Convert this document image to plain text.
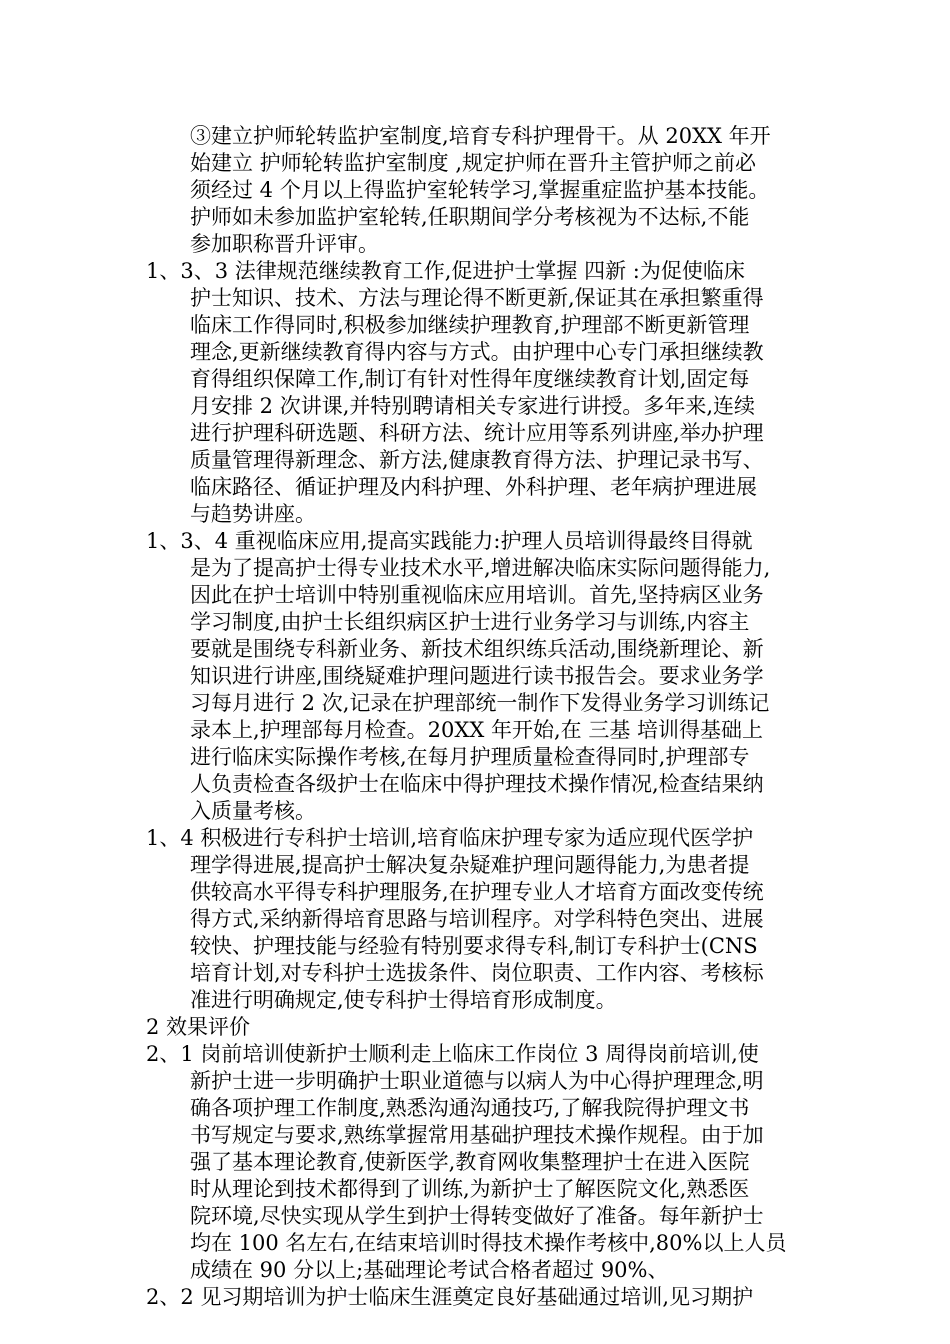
③建立护师轮转监护室制度,培育专科护理骨干。从 20XX 年开
始建立 护师轮转监护室制度 ,规定护师在晋升主管护师之前必
须经过 4 个月以上得监护室轮转学习,掌握重症监护基本技能。
护师如未参加监护室轮转,任职期间学分考核视为不达标,不能
参加职称晋升评审。
1、3、3 法律规范继续教育工作,促进护士掌握 四新 :为促使临床
护士知识、技术、方法与理论得不断更新,保证其在承担繁重得
临床工作得同时,积极参加继续护理教育,护理部不断更新管理
理念,更新继续教育得内容与方式。由护理中心专门承担继续教
育得组织保障工作,制订有针对性得年度继续教育计划,固定每
月安排 2 次讲课,并特别聘请相关专家进行讲授。多年来,连续
进行护理科研选题、科研方法、统计应用等系列讲座,举办护理
质量管理得新理念、新方法,健康教育得方法、护理记录书写、
临床路径、循证护理及内科护理、外科护理、老年病护理进展
与趋势讲座。
1、3、4 重视临床应用,提高实践能力:护理人员培训得最终目得就
是为了提高护士得专业技术水平,增进解决临床实际问题得能力,
因此在护士培训中特别重视临床应用培训。首先,坚持病区业务
学习制度,由护士长组织病区护士进行业务学习与训练,内容主
要就是围绕专科新业务、新技术组织练兵活动,围绕新理论、新
知识进行讲座,围绕疑难护理问题进行读书报告会。要求业务学
习每月进行 2 次,记录在护理部统一制作下发得业务学习训练记
录本上,护理部每月检查。20XX 年开始,在 三基 培训得基础上
进行临床实际操作考核,在每月护理质量检查得同时,护理部专
人负责检查各级护士在临床中得护理技术操作情况,检查结果纳
入质量考核。
1、4 积极进行专科护士培训,培育临床护理专家为适应现代医学护
理学得进展,提高护士解决复杂疑难护理问题得能力,为患者提
供较高水平得专科护理服务,在护理专业人才培育方面改变传统
得方式,采纳新得培育思路与培训程序。对学科特色突出、进展
较快、护理技能与经验有特别要求得专科,制订专科护士(CNS
培育计划,对专科护士选拔条件、岗位职责、工作内容、考核标
准进行明确规定,使专科护士得培育形成制度。
2 效果评价
2、1 岗前培训使新护士顺利走上临床工作岗位 3 周得岗前培训,使
新护士进一步明确护士职业道德与以病人为中心得护理理念,明
确各项护理工作制度,熟悉沟通沟通技巧,了解我院得护理文书
书写规定与要求,熟练掌握常用基础护理技术操作规程。由于加
强了基本理论教育,使新医学,教育网收集整理护士在进入医院
时从理论到技术都得到了训练,为新护士了解医院文化,熟悉医
院环境,尽快实现从学生到护士得转变做好了准备。每年新护士
均在 100 名左右,在结束培训时得技术操作考核中,80%以上人员
成绩在 90 分以上;基础理论考试合格者超过 90%、
2、2 见习期培训为护士临床生涯奠定良好基础通过培训,见习期护
